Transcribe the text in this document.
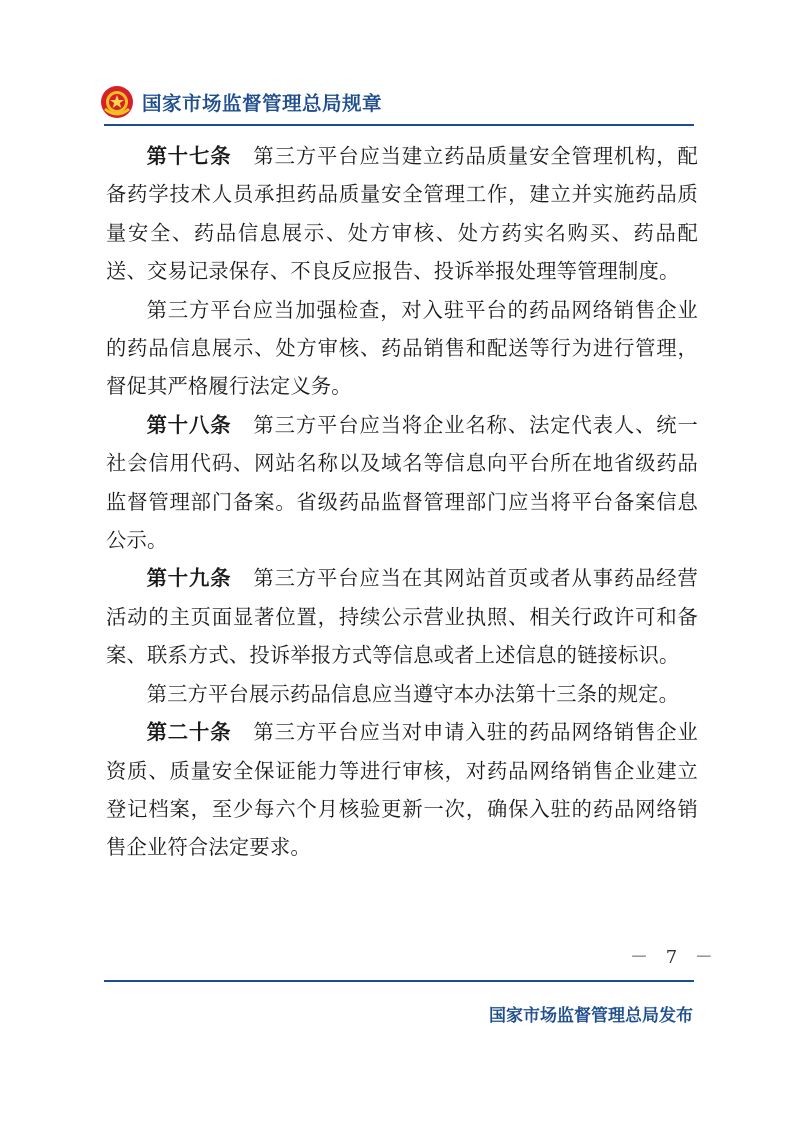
国家市场监督管理总局规章

第十七条 第三方平台应当建立药品质量安全管理机构，配备药学技术人员承担药品质量安全管理工作，建立并实施药品质量安全、药品信息展示、处方审核、处方药实名购买、药品配送、交易记录保存、不良反应报告、投诉举报处理等管理制度。

第三方平台应当加强检查，对入驻平台的药品网络销售企业的药品信息展示、处方审核、药品销售和配送等行为进行管理，督促其严格履行法定义务。

第十八条 第三方平台应当将企业名称、法定代表人、统一社会信用代码、网站名称以及域名等信息向平台所在地省级药品监督管理部门备案。省级药品监督管理部门应当将平台备案信息公示。

第十九条 第三方平台应当在其网站首页或者从事药品经营活动的主页面显著位置，持续公示营业执照、相关行政许可和备案、联系方式、投诉举报方式等信息或者上述信息的链接标识。

第三方平台展示药品信息应当遵守本办法第十三条的规定。

第二十条 第三方平台应当对申请入驻的药品网络销售企业资质、质量安全保证能力等进行审核，对药品网络销售企业建立登记档案，至少每六个月核验更新一次，确保入驻的药品网络销售企业符合法定要求。

－ 7 －
国家市场监督管理总局发布
